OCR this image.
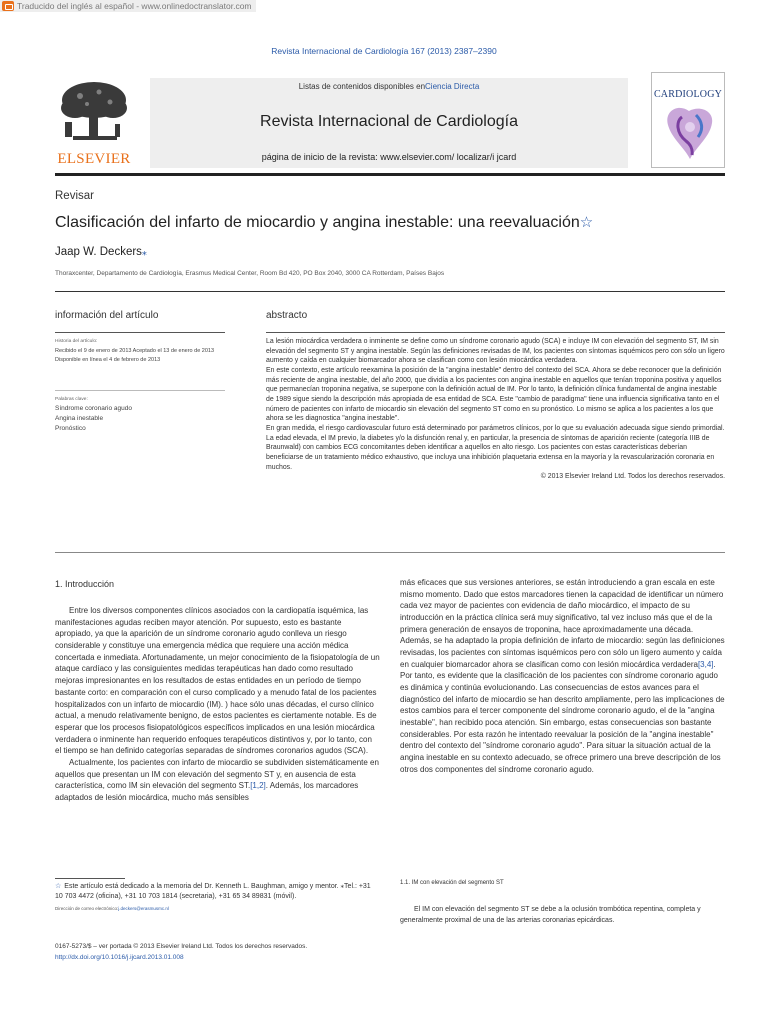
Traducido del inglés al español - www.onlinedoctranslator.com
Revista Internacional de Cardiología 167 (2013) 2387–2390
ELSEVIER
Listas de contenidos disponibles enCiencia Directa
Revista Internacional de Cardiología
página de inicio de la revista: www.elsevier.com/ localizar/i jcard
CARDIOLOGY
Revisar
Clasificación del infarto de miocardio y angina inestable: una reevaluación☆
Jaap W. Deckers⁎
Thoraxcenter, Departamento de Cardiología, Erasmus Medical Center, Room Bd 420, PO Box 2040, 3000 CA Rotterdam, Países Bajos
información del artículo
Historia del artículo:
Recibido el 9 de enero de 2013 Aceptado el 13 de enero de 2013 Disponible en línea el 4 de febrero de 2013
Palabras clave:
Síndrome coronario agudo
Angina inestable
Pronóstico
abstracto

La lesión miocárdica verdadera o inminente se define como un síndrome coronario agudo (SCA) e incluye IM con elevación del segmento ST, IM sin elevación del segmento ST y angina inestable. Según las definiciones revisadas de IM, los pacientes con síntomas isquémicos pero con sólo un ligero aumento y caída en cualquier biomarcador ahora se clasifican como con lesión miocárdica verdadera.

En este contexto, este artículo reexamina la posición de la "angina inestable" dentro del contexto del SCA. Ahora se debe reconocer que la definición más reciente de angina inestable, del año 2000, que dividía a los pacientes con angina inestable en aquellos que tenían troponina positiva y aquellos que permanecían troponina negativa, se superpone con la definición actual de IM. Por lo tanto, la definición clínica fundamental de angina inestable de 1989 sigue siendo la descripción más apropiada de esa entidad de SCA. Este "cambio de paradigma" tiene una influencia significativa tanto en el número de pacientes con infarto de miocardio sin elevación del segmento ST como en su pronóstico. Lo mismo se aplica a los pacientes a los que ahora se les diagnostica "angina inestable".

En gran medida, el riesgo cardiovascular futuro está determinado por parámetros clínicos, por lo que su evaluación adecuada sigue siendo primordial. La edad elevada, el IM previo, la diabetes y/o la disfunción renal y, en particular, la presencia de síntomas de aparición reciente (categoría IIIB de Braunwald) con cambios ECG concomitantes deben identificar a aquellos en alto riesgo. Los pacientes con estas características deberían beneficiarse de un tratamiento médico exhaustivo, que incluya una inhibición plaquetaria extensa en la mayoría y la revascularización coronaria en muchos.

© 2013 Elsevier Ireland Ltd. Todos los derechos reservados.

1. Introducción

Entre los diversos componentes clínicos asociados con la cardiopatía isquémica, las manifestaciones agudas reciben mayor atención. Por supuesto, esto es bastante apropiado, ya que la aparición de un síndrome coronario agudo conlleva un riesgo considerable y constituye una emergencia médica que requiere una acción médica concertada e inmediata. Afortunadamente, un mejor conocimiento de la fisiopatología de un ataque cardíaco y las consiguientes medidas terapéuticas han dado como resultado mejoras impresionantes en los resultados de estas entidades en un período de tiempo bastante corto: en comparación con el curso complicado y a menudo fatal de los pacientes hospitalizados con un infarto de miocardio (IM). ) hace sólo unas décadas, el curso clínico actual, a menudo relativamente benigno, de estos pacientes es ciertamente notable. Es de esperar que los procesos fisiopatológicos específicos implicados en una lesión miocárdica verdadera o inminente han requerido enfoques terapéuticos distintivos y, por lo tanto, con el tiempo se han definido categorías separadas de síndromes coronarios agudos (SCA).

Actualmente, los pacientes con infarto de miocardio se subdividen sistemáticamente en aquellos que presentan un IM con elevación del segmento ST y, en ausencia de esta característica, como IM sin elevación del segmento ST.[1,2]. Además, los marcadores adaptados de lesión miocárdica, mucho más sensibles

más eficaces que sus versiones anteriores, se están introduciendo a gran escala en este mismo momento. Dado que estos marcadores tienen la capacidad de identificar un número cada vez mayor de pacientes con evidencia de daño miocárdico, el impacto de su introducción en la práctica clínica será muy significativo, tal vez incluso más que el de la primera generación de ensayos de troponina, hace aproximadamente una década. Además, se ha adaptado la propia definición de infarto de miocardio: según las definiciones revisadas, los pacientes con síntomas isquémicos pero con sólo un ligero aumento y caída en cualquier biomarcador ahora se clasifican como con lesión miocárdica verdadera[3,4]. Por tanto, es evidente que la clasificación de los pacientes con síndrome coronario agudo es dinámica y continúa evolucionando. Las consecuencias de estos avances para el diagnóstico del infarto de miocardio se han descrito ampliamente, pero las implicaciones de estos cambios para el tercer componente del síndrome coronario agudo, el de la "angina inestable", han recibido poca atención. Sin embargo, estas consecuencias son bastante considerables. Por esta razón he intentado reevaluar la posición de la "angina inestable" dentro del contexto del "síndrome coronario agudo". Para situar la situación actual de la angina inestable en su contexto adecuado, se ofrece primero una breve descripción de los otros dos componentes del síndrome coronario agudo.

☆ Este artículo está dedicado a la memoria del Dr. Kenneth L. Baughman, amigo y mentor. ⁎Tel.: +31 10 703 4472 (oficina), +31 10 703 1814 (secretaria), +31 65 34 89831 (móvil).
Dirección de correo electrónico:j.deckers@erasmusmc.nl
0167-5273/$ – ver portada © 2013 Elsevier Ireland Ltd. Todos los derechos reservados.
http://dx.doi.org/10.1016/j.ijcard.2013.01.008
1.1. IM con elevación del segmento ST

El IM con elevación del segmento ST se debe a la oclusión trombótica repentina, completa y generalmente proximal de una de las arterias coronarias epicárdicas.
